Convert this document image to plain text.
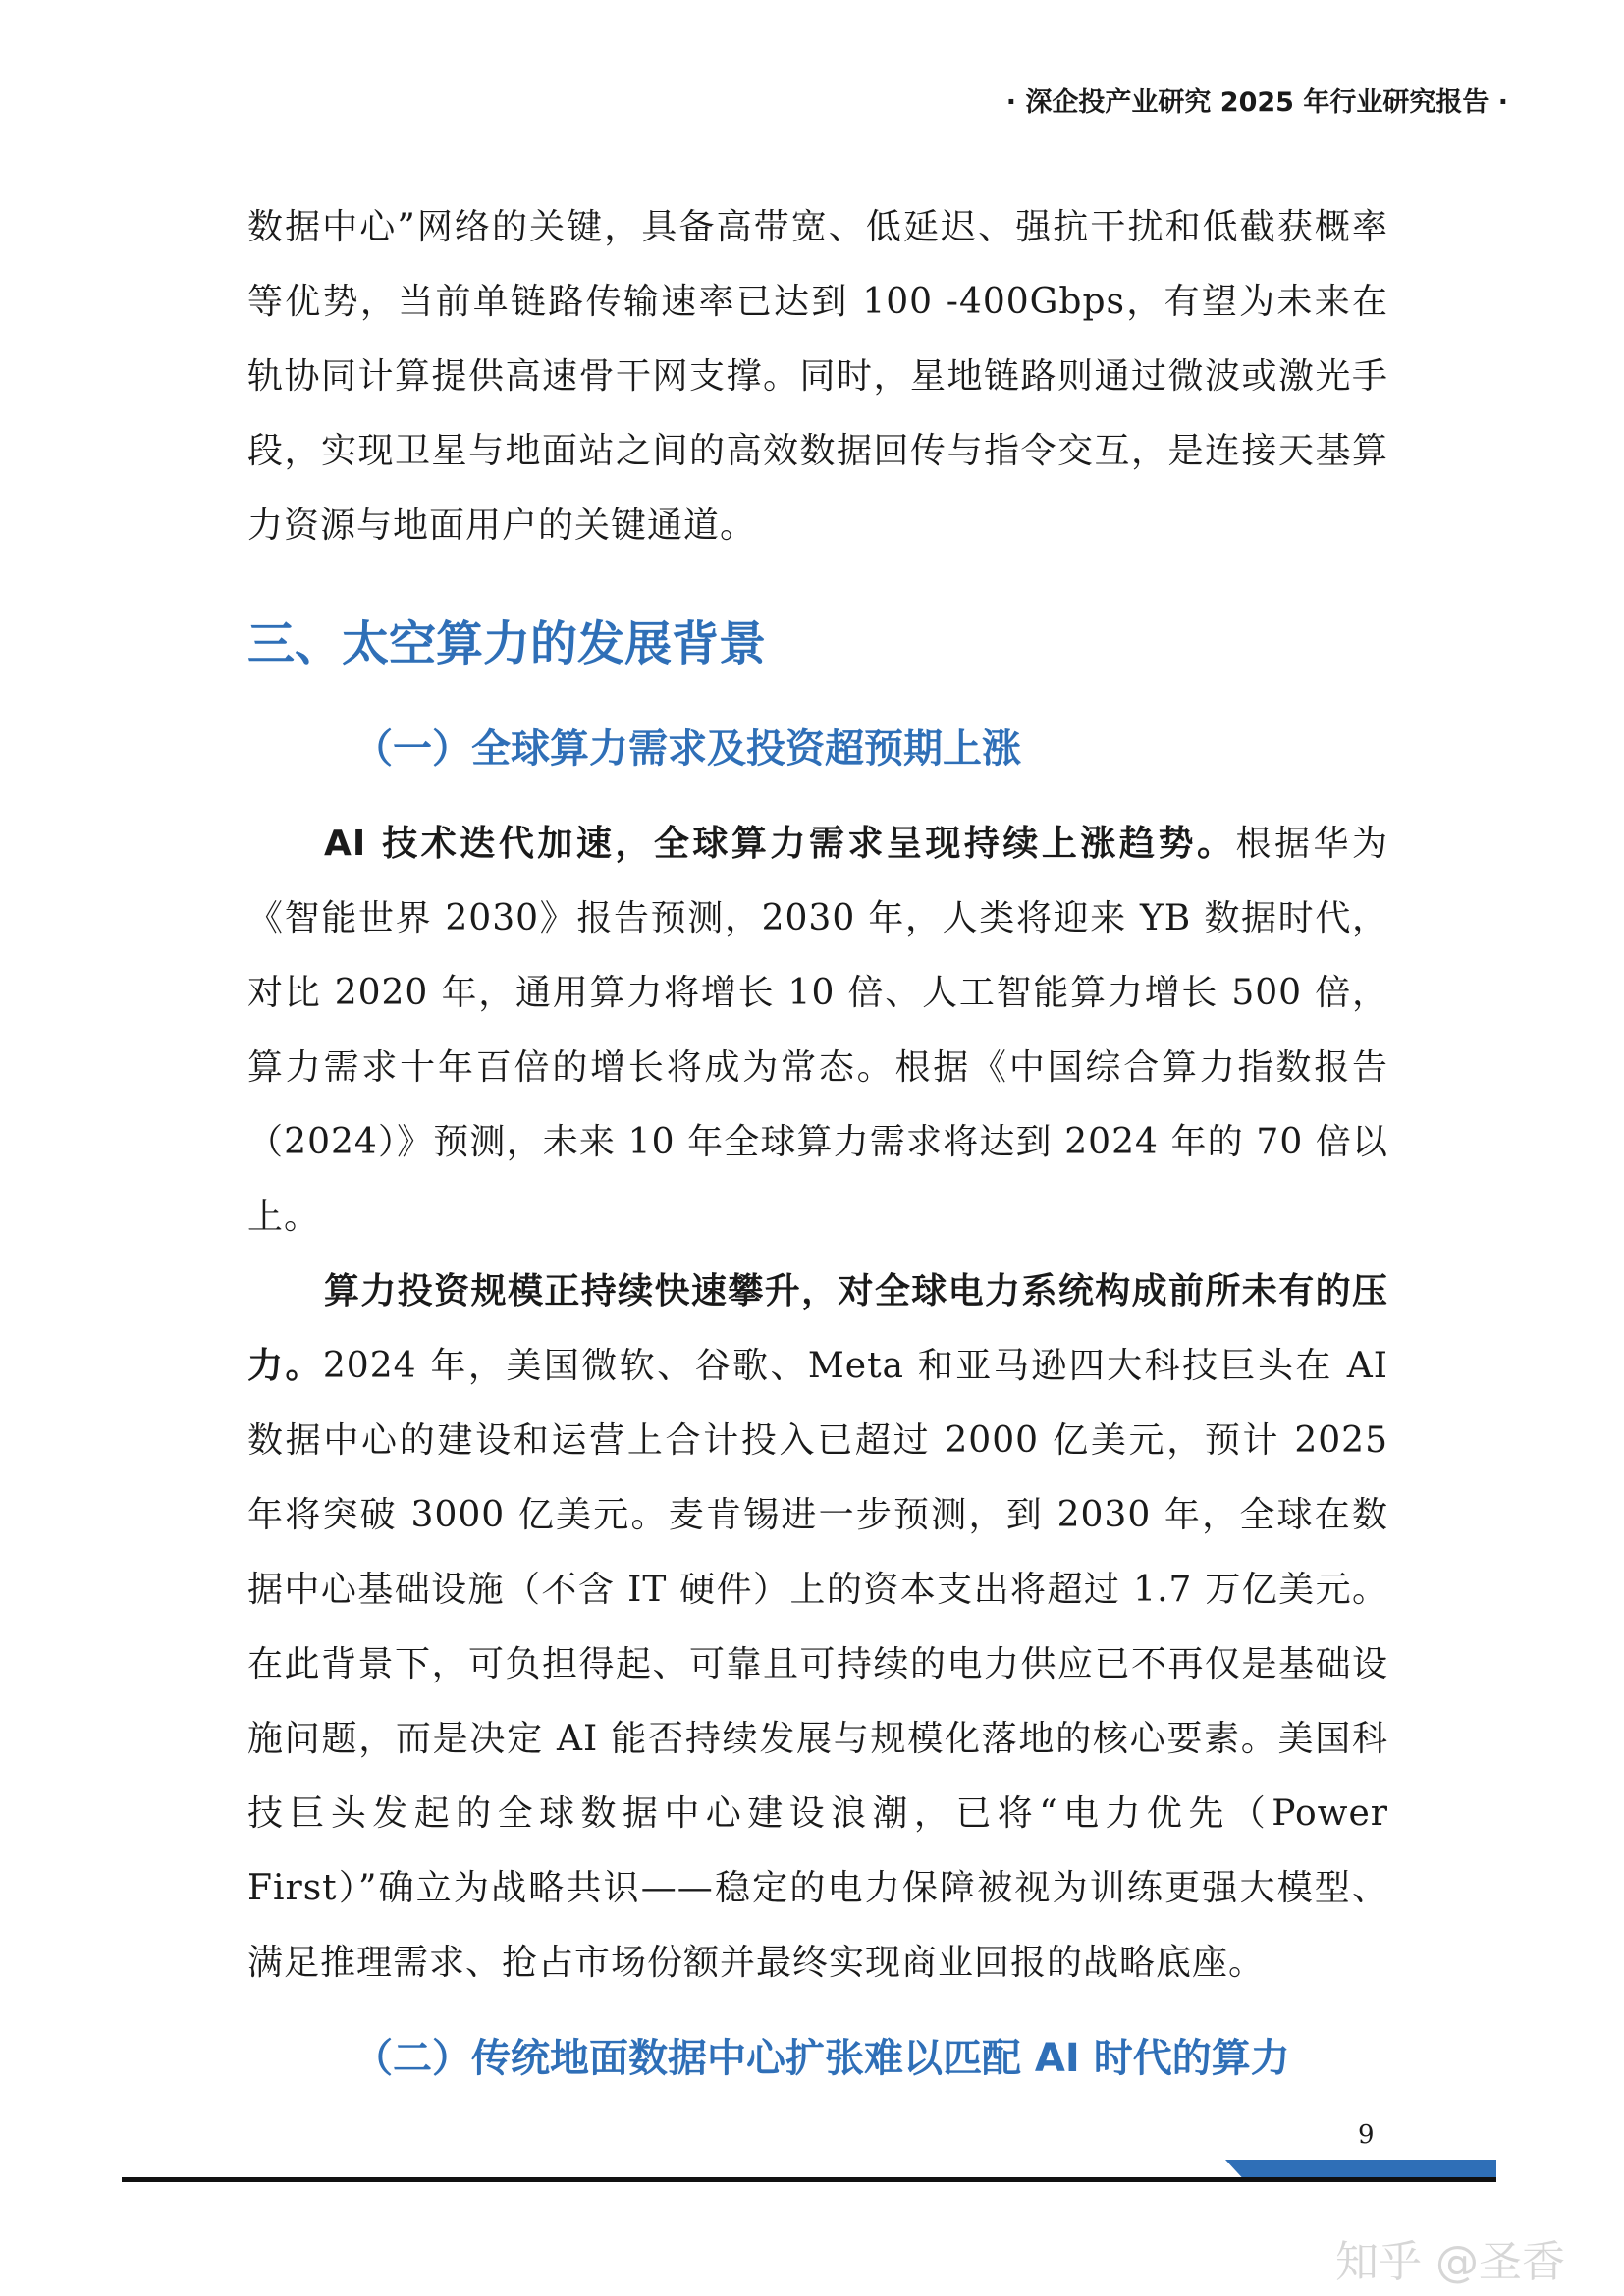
· 深企投产业研究 2025 年行业研究报告 ·

数据中心”网络的关键，具备高带宽、低延迟、强抗干扰和低截获概率等优势，当前单链路传输速率已达到 100 -400Gbps，有望为未来在轨协同计算提供高速骨干网支撑。同时，星地链路则通过微波或激光手段，实现卫星与地面站之间的高效数据回传与指令交互，是连接天基算力资源与地面用户的关键通道。

三、太空算力的发展背景
（一）全球算力需求及投资超预期上涨

AI 技术迭代加速，全球算力需求呈现持续上涨趋势。根据华为《智能世界 2030》报告预测，2030 年，人类将迎来 YB 数据时代，对比 2020 年，通用算力将增长 10 倍、人工智能算力增长 500 倍，算力需求十年百倍的增长将成为常态。根据《中国综合算力指数报告（2024）》预测，未来 10 年全球算力需求将达到 2024 年的 70 倍以上。

算力投资规模正持续快速攀升，对全球电力系统构成前所未有的压力。2024 年，美国微软、谷歌、Meta 和亚马逊四大科技巨头在 AI 数据中心的建设和运营上合计投入已超过 2000 亿美元，预计 2025 年将突破 3000 亿美元。麦肯锡进一步预测，到 2030 年，全球在数据中心基础设施（不含 IT 硬件）上的资本支出将超过 1.7 万亿美元。在此背景下，可负担得起、可靠且可持续的电力供应已不再仅是基础设施问题，而是决定 AI 能否持续发展与规模化落地的核心要素。美国科技巨头发起的全球数据中心建设浪潮，已将“电力优先（Power First）”确立为战略共识——稳定的电力保障被视为训练更强大模型、满足推理需求、抢占市场份额并最终实现商业回报的战略底座。

（二）传统地面数据中心扩张难以匹配 AI 时代的算力
9
知乎 @圣香
